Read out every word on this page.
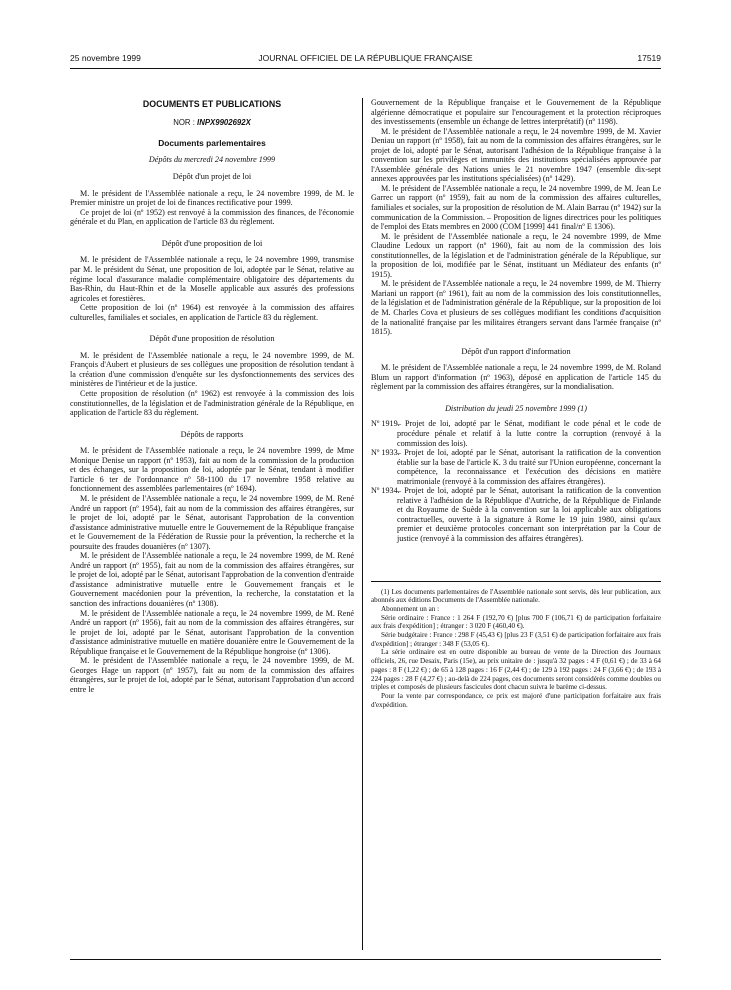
25 novembre 1999	JOURNAL OFFICIEL DE LA RÉPUBLIQUE FRANÇAISE	17519
DOCUMENTS ET PUBLICATIONS
NOR : INPX9902692X
Documents parlementaires
Dépôts du mercredi 24 novembre 1999
Dépôt d'un projet de loi

M. le président de l'Assemblée nationale a reçu, le 24 novembre 1999, de M. le Premier ministre un projet de loi de finances rectificative pour 1999.

Ce projet de loi (nº 1952) est renvoyé à la commission des finances, de l'économie générale et du Plan, en application de l'article 83 du règlement.

Dépôt d'une proposition de loi

M. le président de l'Assemblée nationale a reçu, le 24 novembre 1999, transmise par M. le président du Sénat, une proposition de loi, adoptée par le Sénat, relative au régime local d'assurance maladie complémentaire obligatoire des départements du Bas-Rhin, du Haut-Rhin et de la Moselle applicable aux assurés des professions agricoles et forestières.

Cette proposition de loi (nº 1964) est renvoyée à la commission des affaires culturelles, familiales et sociales, en application de l'article 83 du règlement.

Dépôt d'une proposition de résolution

M. le président de l'Assemblée nationale a reçu, le 24 novembre 1999, de M. François d'Aubert et plusieurs de ses collègues une proposition de résolution tendant à la création d'une commission d'enquête sur les dysfonctionnements des services des ministères de l'intérieur et de la justice.

Cette proposition de résolution (nº 1962) est renvoyée à la commission des lois constitutionnelles, de la législation et de l'administration générale de la République, en application de l'article 83 du règlement.

Dépôts de rapports

M. le président de l'Assemblée nationale a reçu, le 24 novembre 1999, de Mme Monique Denise un rapport (nº 1953), fait au nom de la commission de la production et des échanges, sur la proposition de loi, adoptée par le Sénat, tendant à modifier l'article 6 ter de l'ordonnance nº 58-1100 du 17 novembre 1958 relative au fonctionnement des assemblées parlementaires (nº 1694).

M. le président de l'Assemblée nationale a reçu, le 24 novembre 1999, de M. René André un rapport (nº 1954), fait au nom de la commission des affaires étrangères, sur le projet de loi, adopté par le Sénat, autorisant l'approbation de la convention d'assistance administrative mutuelle entre le Gouvernement de la République française et le Gouvernement de la Fédération de Russie pour la prévention, la recherche et la poursuite des fraudes douanières (nº 1307).

M. le président de l'Assemblée nationale a reçu, le 24 novembre 1999, de M. René André un rapport (nº 1955), fait au nom de la commission des affaires étrangères, sur le projet de loi, adopté par le Sénat, autorisant l'approbation de la convention d'entraide d'assistance administrative mutuelle entre le Gouvernement français et le Gouvernement macédonien pour la prévention, la recherche, la constatation et la sanction des infractions douanières (nº 1308).

M. le président de l'Assemblée nationale a reçu, le 24 novembre 1999, de M. René André un rapport (nº 1956), fait au nom de la commission des affaires étrangères, sur le projet de loi, adopté par le Sénat, autorisant l'approbation de la convention d'assistance administrative mutuelle en matière douanière entre le Gouvernement de la République française et le Gouvernement de la République hongroise (nº 1306).

M. le président de l'Assemblée nationale a reçu, le 24 novembre 1999, de M. Georges Hage un rapport (nº 1957), fait au nom de la commission des affaires étrangères, sur le projet de loi, adopté par le Sénat, autorisant l'approbation d'un accord entre le

Gouvernement de la République française et le Gouvernement de la République algérienne démocratique et populaire sur l'encouragement et la protection réciproques des investissements (ensemble un échange de lettres interprétatif) (nº 1198).

M. le président de l'Assemblée nationale a reçu, le 24 novembre 1999, de M. Xavier Deniau un rapport (nº 1958), fait au nom de la commission des affaires étrangères, sur le projet de loi, adopté par le Sénat, autorisant l'adhésion de la République française à la convention sur les privilèges et immunités des institutions spécialisées approuvée par l'Assemblée générale des Nations unies le 21 novembre 1947 (ensemble dix-sept annexes approuvées par les institutions spécialisées) (nº 1429).

M. le président de l'Assemblée nationale a reçu, le 24 novembre 1999, de M. Jean Le Garrec un rapport (nº 1959), fait au nom de la commission des affaires culturelles, familiales et sociales, sur la proposition de résolution de M. Alain Barrau (nº 1942) sur la communication de la Commission. – Proposition de lignes directrices pour les politiques de l'emploi des Etats membres en 2000 (COM [1999] 441 final/nº E 1306).

M. le président de l'Assemblée nationale a reçu, le 24 novembre 1999, de Mme Claudine Ledoux un rapport (nº 1960), fait au nom de la commission des lois constitutionnelles, de la législation et de l'administration générale de la République, sur la proposition de loi, modifiée par le Sénat, instituant un Médiateur des enfants (nº 1915).

M. le président de l'Assemblée nationale a reçu, le 24 novembre 1999, de M. Thierry Mariani un rapport (nº 1961), fait au nom de la commission des lois constitutionnelles, de la législation et de l'administration générale de la République, sur la proposition de loi de M. Charles Cova et plusieurs de ses collègues modifiant les conditions d'acquisition de la nationalité française par les militaires étrangers servant dans l'armée française (nº 1815).

Dépôt d'un rapport d'information

M. le président de l'Assemblée nationale a reçu, le 24 novembre 1999, de M. Roland Blum un rapport d'information (nº 1963), déposé en application de l'article 145 du règlement par la commission des affaires étrangères, sur la mondialisation.

Distribution du jeudi 25 novembre 1999 (1)

Nº 1919.
– Projet de loi, adopté par le Sénat, modifiant le code pénal et le code de procédure pénale et relatif à la lutte contre la corruption (renvoyé à la commission des lois).

Nº 1933.
– Projet de loi, adopté par le Sénat, autorisant la ratification de la convention établie sur la base de l'article K. 3 du traité sur l'Union européenne, concernant la compétence, la reconnaissance et l'exécution des décisions en matière matrimoniale (renvoyé à la commission des affaires étrangères).

Nº 1934.
– Projet de loi, adopté par le Sénat, autorisant la ratification de la convention relative à l'adhésion de la République d'Autriche, de la République de Finlande et du Royaume de Suède à la convention sur la loi applicable aux obligations contractuelles, ouverte à la signature à Rome le 19 juin 1980, ainsi qu'aux premier et deuxième protocoles concernant son interprétation par la Cour de justice (renvoyé à la commission des affaires étrangères).

(1) Les documents parlementaires de l'Assemblée nationale sont servis, dès leur publication, aux abonnés aux éditions Documents de l'Assemblée nationale.

Abonnement un an :

Série ordinaire : France : 1 264 F (192,70 €) [plus 700 F (106,71 €) de participation forfaitaire aux frais d'expédition] ; étranger : 3 020 F (460,40 €).

Série budgétaire : France : 298 F (45,43 €) [plus 23 F (3,51 €) de participation forfaitaire aux frais d'expédition] ; étranger : 348 F (53,05 €).

La série ordinaire est en outre disponible au bureau de vente de la Direction des Journaux officiels, 26, rue Desaix, Paris (15e), au prix unitaire de : jusqu'à 32 pages : 4 F (0,61 €) ; de 33 à 64 pages : 8 F (1,22 €) ; de 65 à 128 pages : 16 F (2,44 €) ; de 129 à 192 pages : 24 F (3,66 €) ; de 193 à 224 pages : 28 F (4,27 €) ; au-delà de 224 pages, ces documents seront considérés comme doubles ou triples et composés de plusieurs fascicules dont chacun suivra le barème ci-dessus.

Pour la vente par correspondance, ce prix est majoré d'une participation forfaitaire aux frais d'expédition.
